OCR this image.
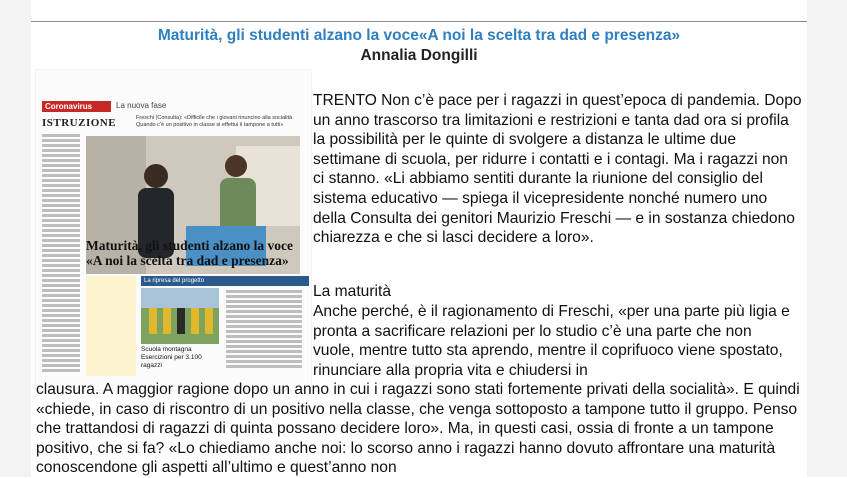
Maturità, gli studenti alzano la voce«A noi la scelta tra dad e presenza»
Annalia Dongilli
Coronavirus	La nuova fase
ISTRUZIONE	Freschi (Consulta): «Difficile che i giovani rinuncino alla socialità Quando c’è un positivo in classe si effettui il tampone a tutti»
Maturità, gli studenti alzano la voce «A noi la scelta tra dad e presenza»
La ripresa del progetto
Scuola montagna Esercizioni per 3.100 ragazzi
TRENTO Non c’è pace per i ragazzi in quest’epoca di pandemia. Dopo un anno trascorso tra limitazioni e restrizioni e tanta dad ora si profila la possibilità per le quinte di svolgere a distanza le ultime due settimane di scuola, per ridurre i contatti e i contagi. Ma i ragazzi non ci stanno. «Li abbiamo sentiti durante la riunione del consiglio del sistema educativo — spiega il vicepresidente nonché numero uno della Consulta dei genitori Maurizio Freschi — e in sostanza chiedono chiarezza e che si lasci decidere a loro».
La maturità
Anche perché, è il ragionamento di Freschi, «per una parte più ligia e pronta a sacrificare relazioni per lo studio c’è una parte che non vuole, mentre tutto sta aprendo, mentre il coprifuoco viene spostato, rinunciare alla propria vita e chiudersi in
clausura. A maggior ragione dopo un anno in cui i ragazzi sono stati fortemente privati della socialità». E quindi «chiede, in caso di riscontro di un positivo nella classe, che venga sottoposto a tampone tutto il gruppo. Penso che trattandosi di ragazzi di quinta possano decidere loro». Ma, in questi casi, ossia di fronte a un tampone positivo, che si fa? «Lo chiediamo anche noi: lo scorso anno i ragazzi hanno dovuto affrontare una maturità conoscendone gli aspetti all’ultimo e quest’anno non
